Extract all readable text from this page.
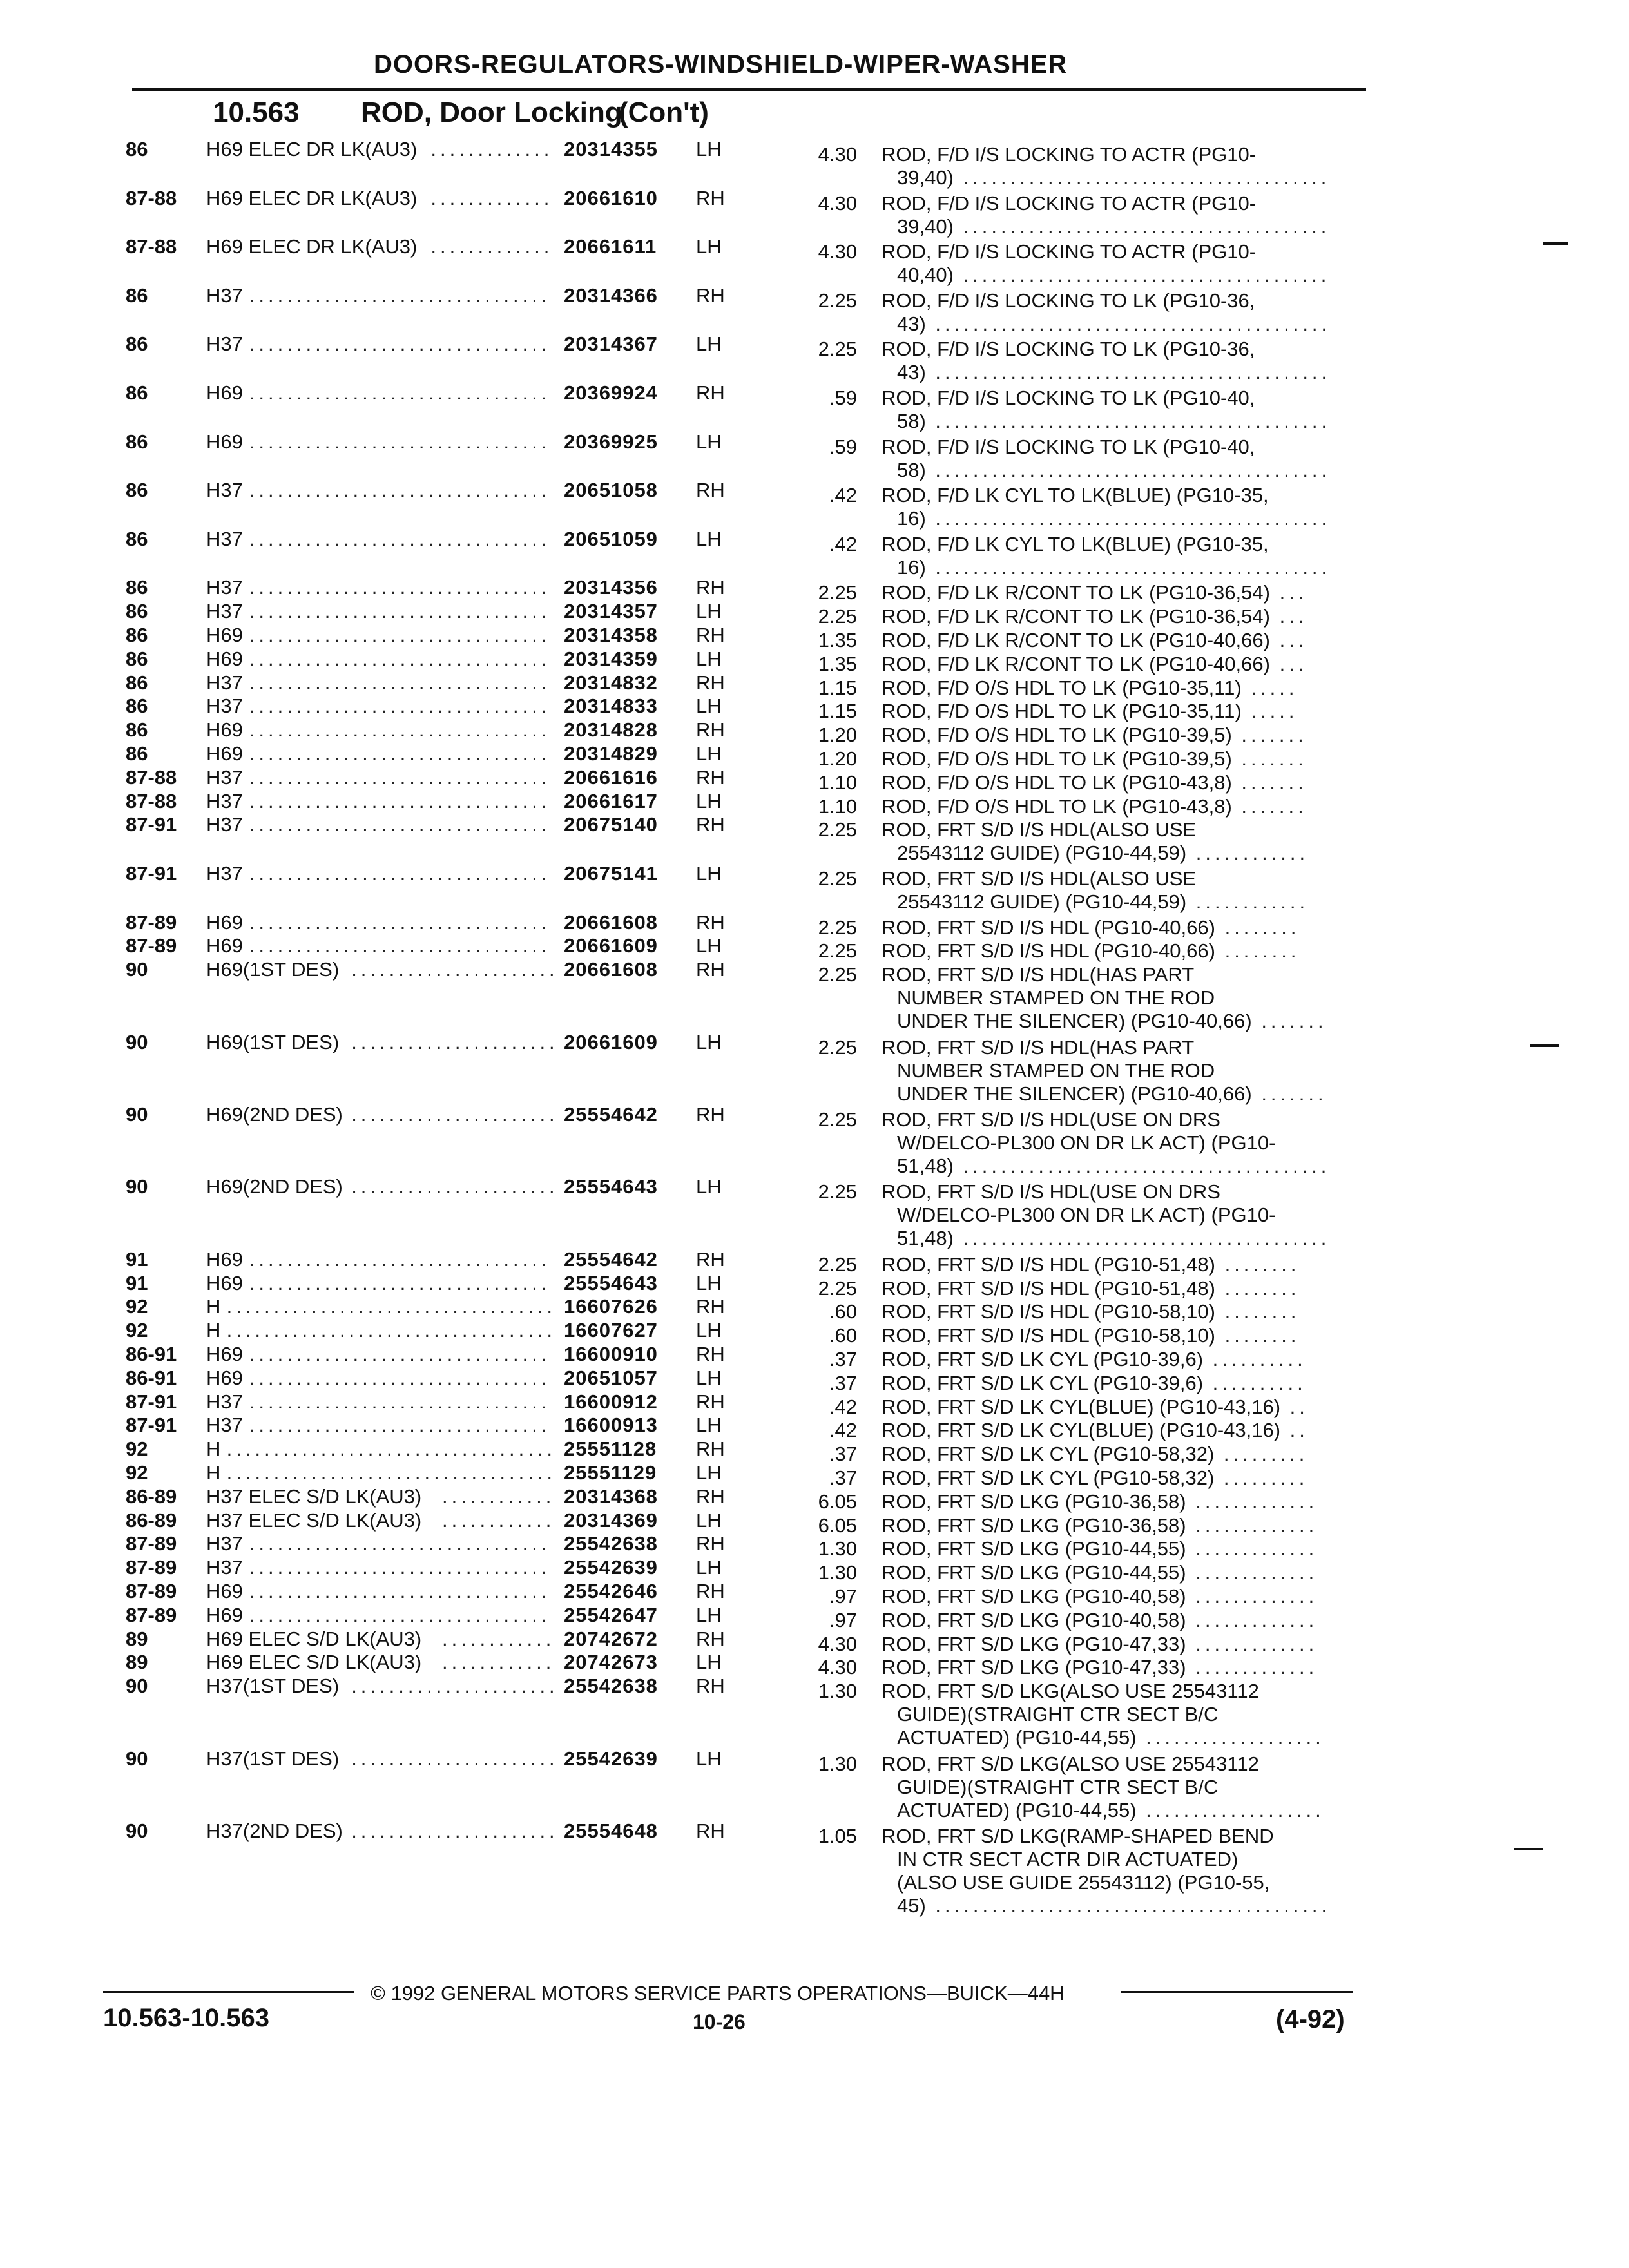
DOORS-REGULATORS-WINDSHIELD-WIPER-WASHER
10.563 ROD, Door Locking(Con't)
86	H69 ELEC DR LK(AU3) ............. 20314355 LH	4.30 ROD, F/D I/S LOCKING TO ACTR (PG10-
39,40) .......................................
87-88 H69 ELEC DR LK(AU3) ............. 20661610 RH	4.30 ROD, F/D I/S LOCKING TO ACTR (PG10-
39,40) .......................................
87-88 H69 ELEC DR LK(AU3) ............. 20661611 LH	4.30 ROD, F/D I/S LOCKING TO ACTR (PG10-
40,40) .......................................
86	H37 ................................ 20314366 RH	2.25 ROD, F/D I/S LOCKING TO LK (PG10-36,
43) ..........................................
86	H37 ................................ 20314367 LH	2.25 ROD, F/D I/S LOCKING TO LK (PG10-36,
43) ..........................................
86	H69 ................................ 20369924 RH	.59 ROD, F/D I/S LOCKING TO LK (PG10-40,
58) ..........................................
86	H69 ................................ 20369925 LH	.59 ROD, F/D I/S LOCKING TO LK (PG10-40,
58) ..........................................
86	H37 ................................ 20651058 RH	.42 ROD, F/D LK CYL TO LK(BLUE) (PG10-35,
16) ..........................................
86	H37 ................................ 20651059 LH	.42 ROD, F/D LK CYL TO LK(BLUE) (PG10-35,
16) ..........................................
86	H37 ................................ 20314356 RH	2.25 ROD, F/D LK R/CONT TO LK (PG10-36,54) ...
86	H37 ................................ 20314357 LH	2.25 ROD, F/D LK R/CONT TO LK (PG10-36,54) ...
86	H69 ................................ 20314358 RH	1.35 ROD, F/D LK R/CONT TO LK (PG10-40,66) ...
86	H69 ................................ 20314359 LH	1.35 ROD, F/D LK R/CONT TO LK (PG10-40,66) ...
86	H37 ................................ 20314832 RH	1.15 ROD, F/D O/S HDL TO LK (PG10-35,11) .....
86	H37 ................................ 20314833 LH	1.15 ROD, F/D O/S HDL TO LK (PG10-35,11) .....
86	H69 ................................ 20314828 RH	1.20 ROD, F/D O/S HDL TO LK (PG10-39,5) .......
86	H69 ................................ 20314829 LH	1.20 ROD, F/D O/S HDL TO LK (PG10-39,5) .......
87-88 H37 ................................ 20661616 RH	1.10 ROD, F/D O/S HDL TO LK (PG10-43,8) .......
87-88 H37 ................................ 20661617 LH	1.10 ROD, F/D O/S HDL TO LK (PG10-43,8) .......
87-91 H37 ................................ 20675140 RH	2.25 ROD, FRT S/D I/S HDL(ALSO USE
25543112 GUIDE) (PG10-44,59) ............
87-91 H37 ................................ 20675141 LH	2.25 ROD, FRT S/D I/S HDL(ALSO USE
25543112 GUIDE) (PG10-44,59) ............
87-89 H69 ................................ 20661608 RH	2.25 ROD, FRT S/D I/S HDL (PG10-40,66) ........
87-89 H69 ................................ 20661609 LH	2.25 ROD, FRT S/D I/S HDL (PG10-40,66) ........
90	H69(1ST DES) ...................... 20661608 RH	2.25 ROD, FRT S/D I/S HDL(HAS PART
NUMBER STAMPED ON THE ROD
UNDER THE SILENCER) (PG10-40,66) .......
90	H69(1ST DES) ...................... 20661609 LH	2.25 ROD, FRT S/D I/S HDL(HAS PART
NUMBER STAMPED ON THE ROD
UNDER THE SILENCER) (PG10-40,66) .......
90	H69(2ND DES) ...................... 25554642 RH	2.25 ROD, FRT S/D I/S HDL(USE ON DRS
W/DELCO-PL300 ON DR LK ACT) (PG10-
51,48) .......................................
90	H69(2ND DES) ...................... 25554643 LH	2.25 ROD, FRT S/D I/S HDL(USE ON DRS
W/DELCO-PL300 ON DR LK ACT) (PG10-
51,48) .......................................
91	H69 ................................ 25554642 RH	2.25 ROD, FRT S/D I/S HDL (PG10-51,48) ........
91	H69 ................................ 25554643 LH	2.25 ROD, FRT S/D I/S HDL (PG10-51,48) ........
92	H ................................... 16607626 RH	.60 ROD, FRT S/D I/S HDL (PG10-58,10) ........
92	H ................................... 16607627 LH	.60 ROD, FRT S/D I/S HDL (PG10-58,10) ........
86-91 H69 ................................ 16600910 RH	.37 ROD, FRT S/D LK CYL (PG10-39,6) ..........
86-91 H69 ................................ 20651057 LH	.37 ROD, FRT S/D LK CYL (PG10-39,6) ..........
87-91 H37 ................................ 16600912 RH	.42 ROD, FRT S/D LK CYL(BLUE) (PG10-43,16) ..
87-91 H37 ................................ 16600913 LH	.42 ROD, FRT S/D LK CYL(BLUE) (PG10-43,16) ..
92	H ................................... 25551128 RH	.37 ROD, FRT S/D LK CYL (PG10-58,32) .........
92	H ................................... 25551129 LH	.37 ROD, FRT S/D LK CYL (PG10-58,32) .........
86-89 H37 ELEC S/D LK(AU3) ............ 20314368 RH	6.05 ROD, FRT S/D LKG (PG10-36,58) .............
86-89 H37 ELEC S/D LK(AU3) ............ 20314369 LH	6.05 ROD, FRT S/D LKG (PG10-36,58) .............
87-89 H37 ................................ 25542638 RH	1.30 ROD, FRT S/D LKG (PG10-44,55) .............
87-89 H37 ................................ 25542639 LH	1.30 ROD, FRT S/D LKG (PG10-44,55) .............
87-89 H69 ................................ 25542646 RH	.97 ROD, FRT S/D LKG (PG10-40,58) .............
87-89 H69 ................................ 25542647 LH	.97 ROD, FRT S/D LKG (PG10-40,58) .............
89	H69 ELEC S/D LK(AU3) ............ 20742672 RH	4.30 ROD, FRT S/D LKG (PG10-47,33) .............
89	H69 ELEC S/D LK(AU3) ............ 20742673 LH	4.30 ROD, FRT S/D LKG (PG10-47,33) .............
90	H37(1ST DES) ...................... 25542638 RH	1.30 ROD, FRT S/D LKG(ALSO USE 25543112
GUIDE)(STRAIGHT CTR SECT B/C
ACTUATED) (PG10-44,55) ...................
90	H37(1ST DES) ...................... 25542639 LH	1.30 ROD, FRT S/D LKG(ALSO USE 25543112
GUIDE)(STRAIGHT CTR SECT B/C
ACTUATED) (PG10-44,55) ...................
90	H37(2ND DES) ...................... 25554648 RH	1.05 ROD, FRT S/D LKG(RAMP-SHAPED BEND
IN CTR SECT ACTR DIR ACTUATED)
(ALSO USE GUIDE 25543112) (PG10-55,
45) ..........................................
© 1992 GENERAL MOTORS SERVICE PARTS OPERATIONS—BUICK—44H
10.563-10.563	10-26	(4-92)
